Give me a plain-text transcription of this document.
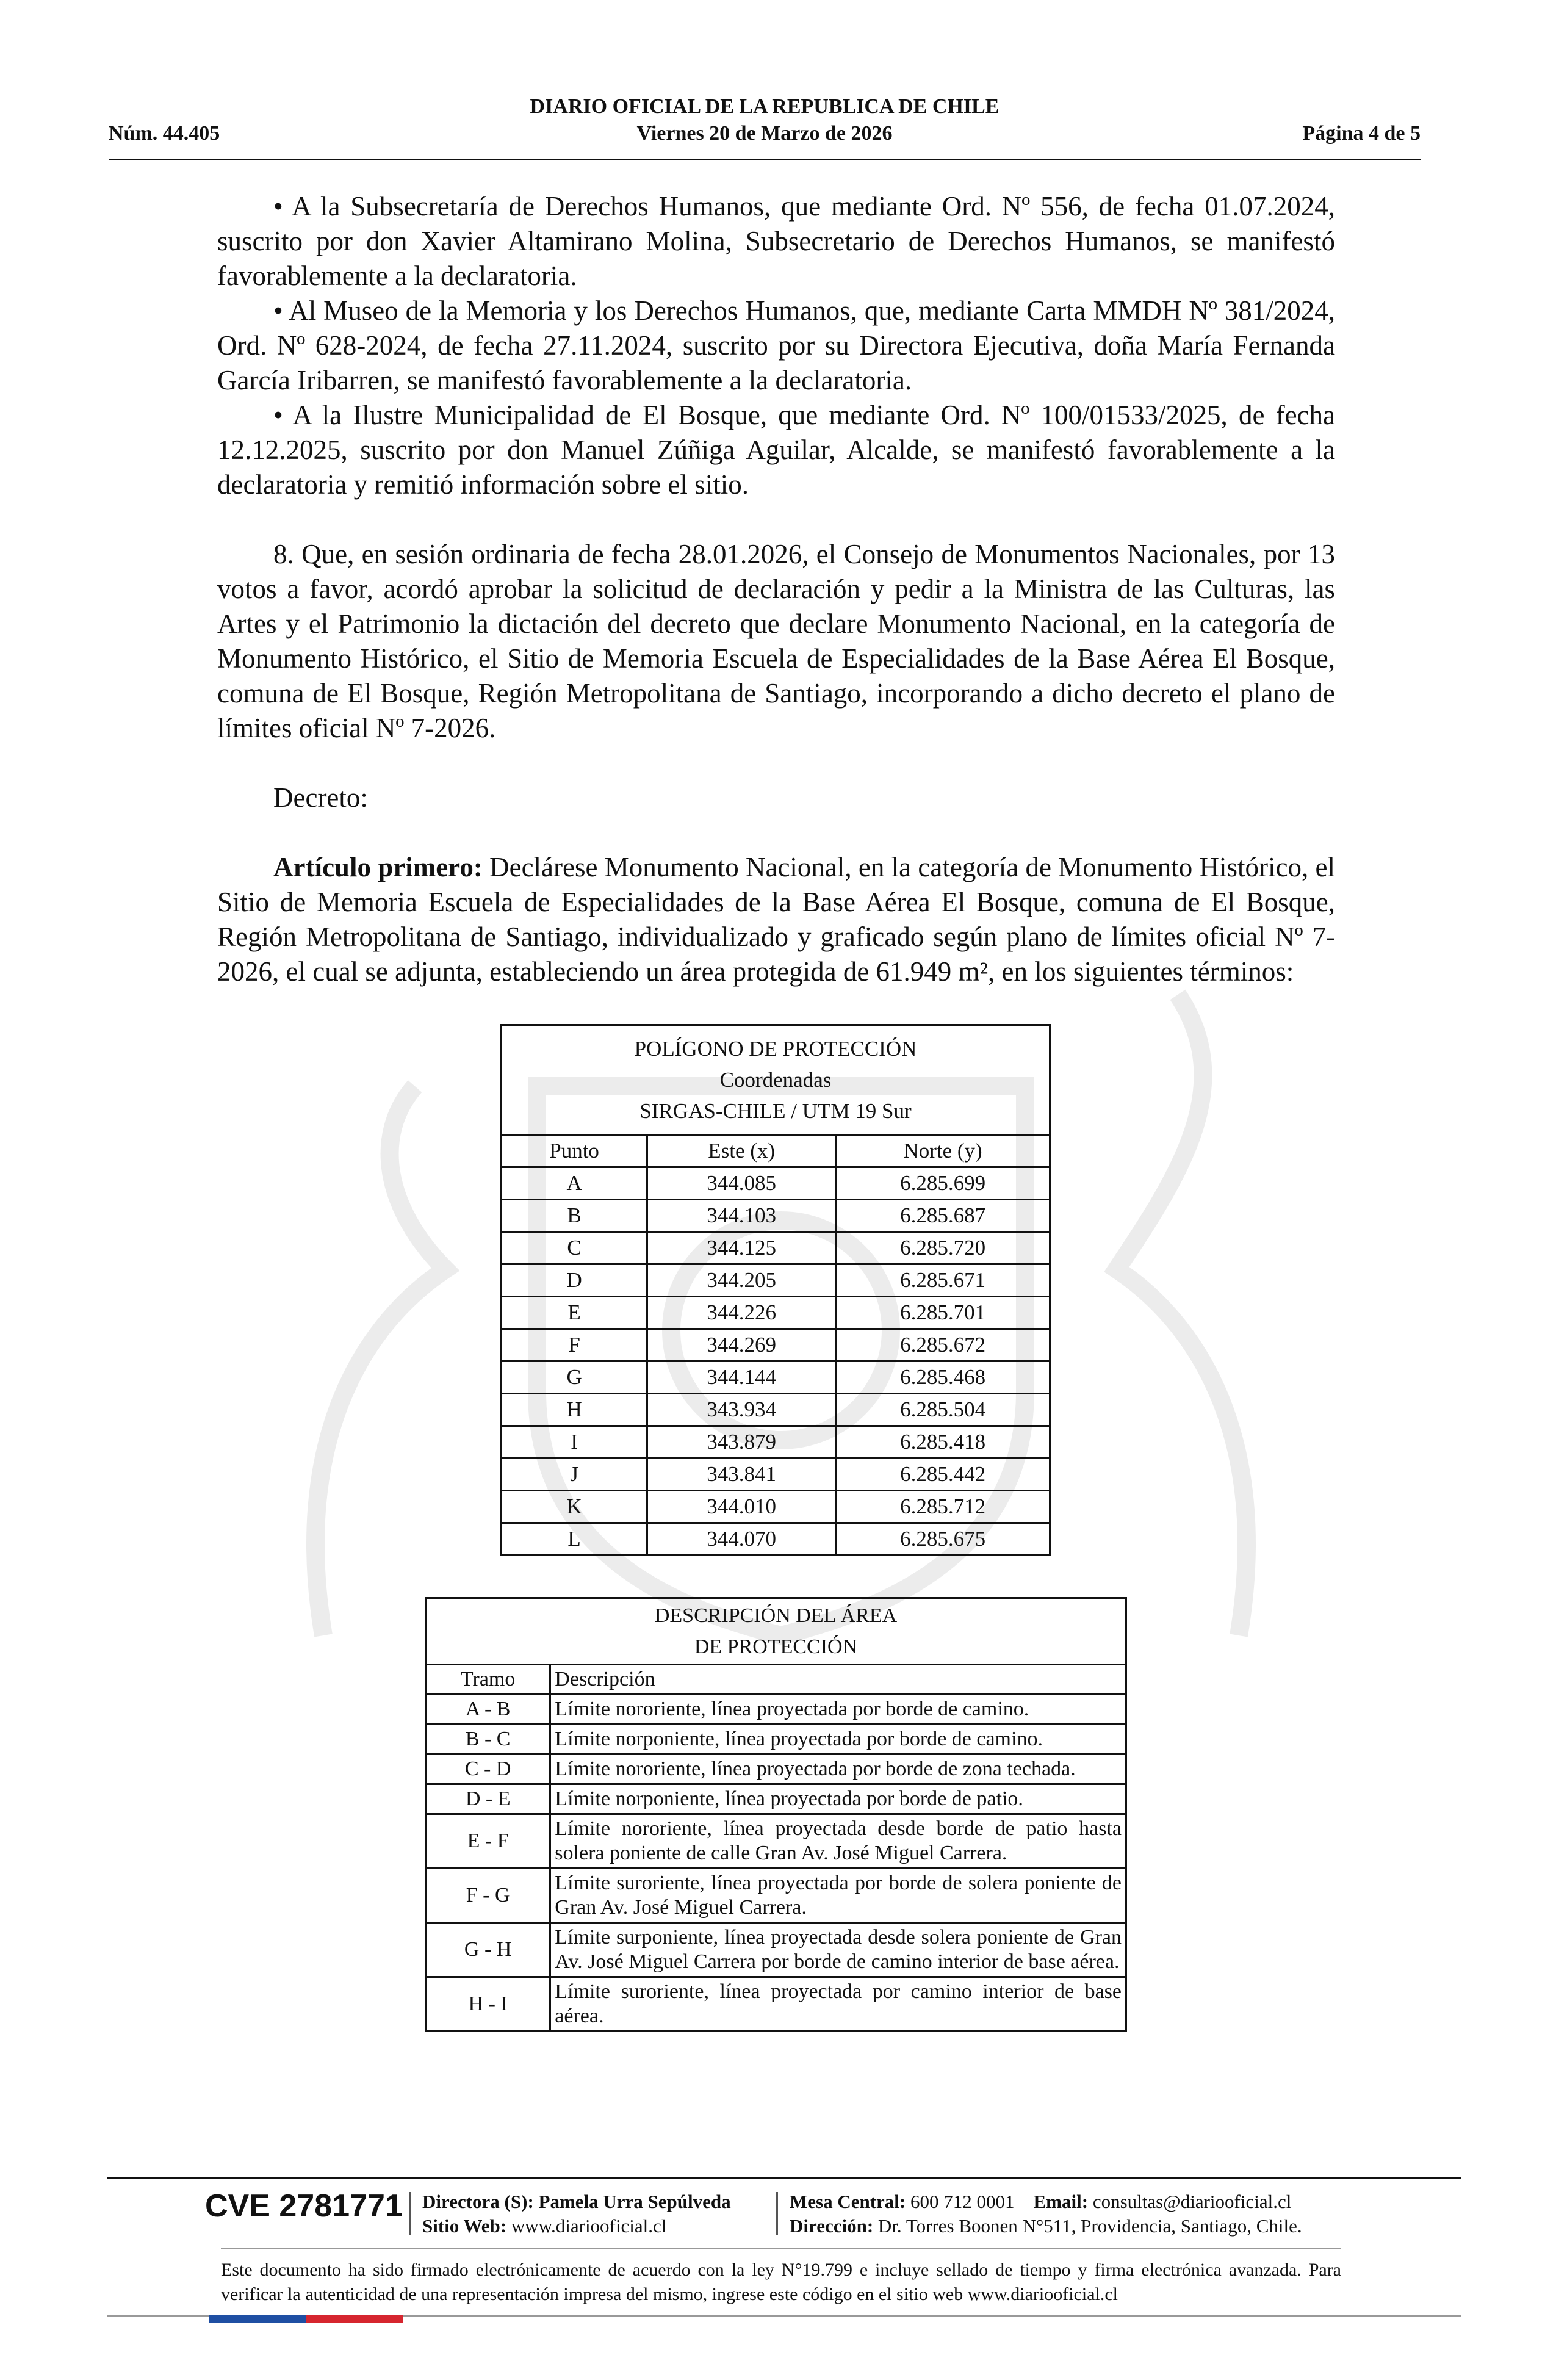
DIARIO OFICIAL DE LA REPUBLICA DE CHILE
Viernes 20 de Marzo de 2026
Núm. 44.405	Página 4 de 5

• A la Subsecretaría de Derechos Humanos, que mediante Ord. Nº 556, de fecha 01.07.2024, suscrito por don Xavier Altamirano Molina, Subsecretario de Derechos Humanos, se manifestó favorablemente a la declaratoria.

• Al Museo de la Memoria y los Derechos Humanos, que, mediante Carta MMDH Nº 381/2024, Ord. Nº 628-2024, de fecha 27.11.2024, suscrito por su Directora Ejecutiva, doña María Fernanda García Iribarren, se manifestó favorablemente a la declaratoria.

• A la Ilustre Municipalidad de El Bosque, que mediante Ord. Nº 100/01533/2025, de fecha 12.12.2025, suscrito por don Manuel Zúñiga Aguilar, Alcalde, se manifestó favorablemente a la declaratoria y remitió información sobre el sitio.

8. Que, en sesión ordinaria de fecha 28.01.2026, el Consejo de Monumentos Nacionales, por 13 votos a favor, acordó aprobar la solicitud de declaración y pedir a la Ministra de las Culturas, las Artes y el Patrimonio la dictación del decreto que declare Monumento Nacional, en la categoría de Monumento Histórico, el Sitio de Memoria Escuela de Especialidades de la Base Aérea El Bosque, comuna de El Bosque, Región Metropolitana de Santiago, incorporando a dicho decreto el plano de límites oficial Nº 7-2026.

Decreto:

Artículo primero: Declárese Monumento Nacional, en la categoría de Monumento Histórico, el Sitio de Memoria Escuela de Especialidades de la Base Aérea El Bosque, comuna de El Bosque, Región Metropolitana de Santiago, individualizado y graficado según plano de límites oficial Nº 7-2026, el cual se adjunta, estableciendo un área protegida de 61.949 m², en los siguientes términos:

POLÍGONO DE PROTECCIÓN
Coordenadas
SIRGAS-CHILE / UTM 19 Sur		

Punto	Este (x)	Norte (y)
A	344.085	6.285.699
B	344.103	6.285.687
C	344.125	6.285.720
D	344.205	6.285.671
E	344.226	6.285.701
F	344.269	6.285.672
G	344.144	6.285.468
H	343.934	6.285.504
I	343.879	6.285.418
J	343.841	6.285.442
K	344.010	6.285.712
L	344.070	6.285.675
DESCRIPCIÓN DEL ÁREA
DE PROTECCIÓN	

Tramo	Descripción
A - B	Límite nororiente, línea proyectada por borde de camino.
B - C	Límite norponiente, línea proyectada por borde de camino.
C - D	Límite nororiente, línea proyectada por borde de zona techada.
D - E	Límite norponiente, línea proyectada por borde de patio.
E - F	Límite nororiente, línea proyectada desde borde de patio hasta solera poniente de calle Gran Av. José Miguel Carrera.
F - G	Límite suroriente, línea proyectada por borde de solera poniente de Gran Av. José Miguel Carrera.
G - H	Límite surponiente, línea proyectada desde solera poniente de Gran Av. José Miguel Carrera por borde de camino interior de base aérea.
H - I	Límite suroriente, línea proyectada por camino interior de base aérea.
CVE 2781771 Directora (S): Pamela Urra Sepúlveda
Sitio Web: www.diariooficial.cl
Mesa Central: 600 712 0001 Email: consultas@diariooficial.cl
Dirección: Dr. Torres Boonen N°511, Providencia, Santiago, Chile.
Este documento ha sido firmado electrónicamente de acuerdo con la ley N°19.799 e incluye sellado de tiempo y firma electrónica avanzada. Para verificar la autenticidad de una representación impresa del mismo, ingrese este código en el sitio web www.diariooficial.cl
